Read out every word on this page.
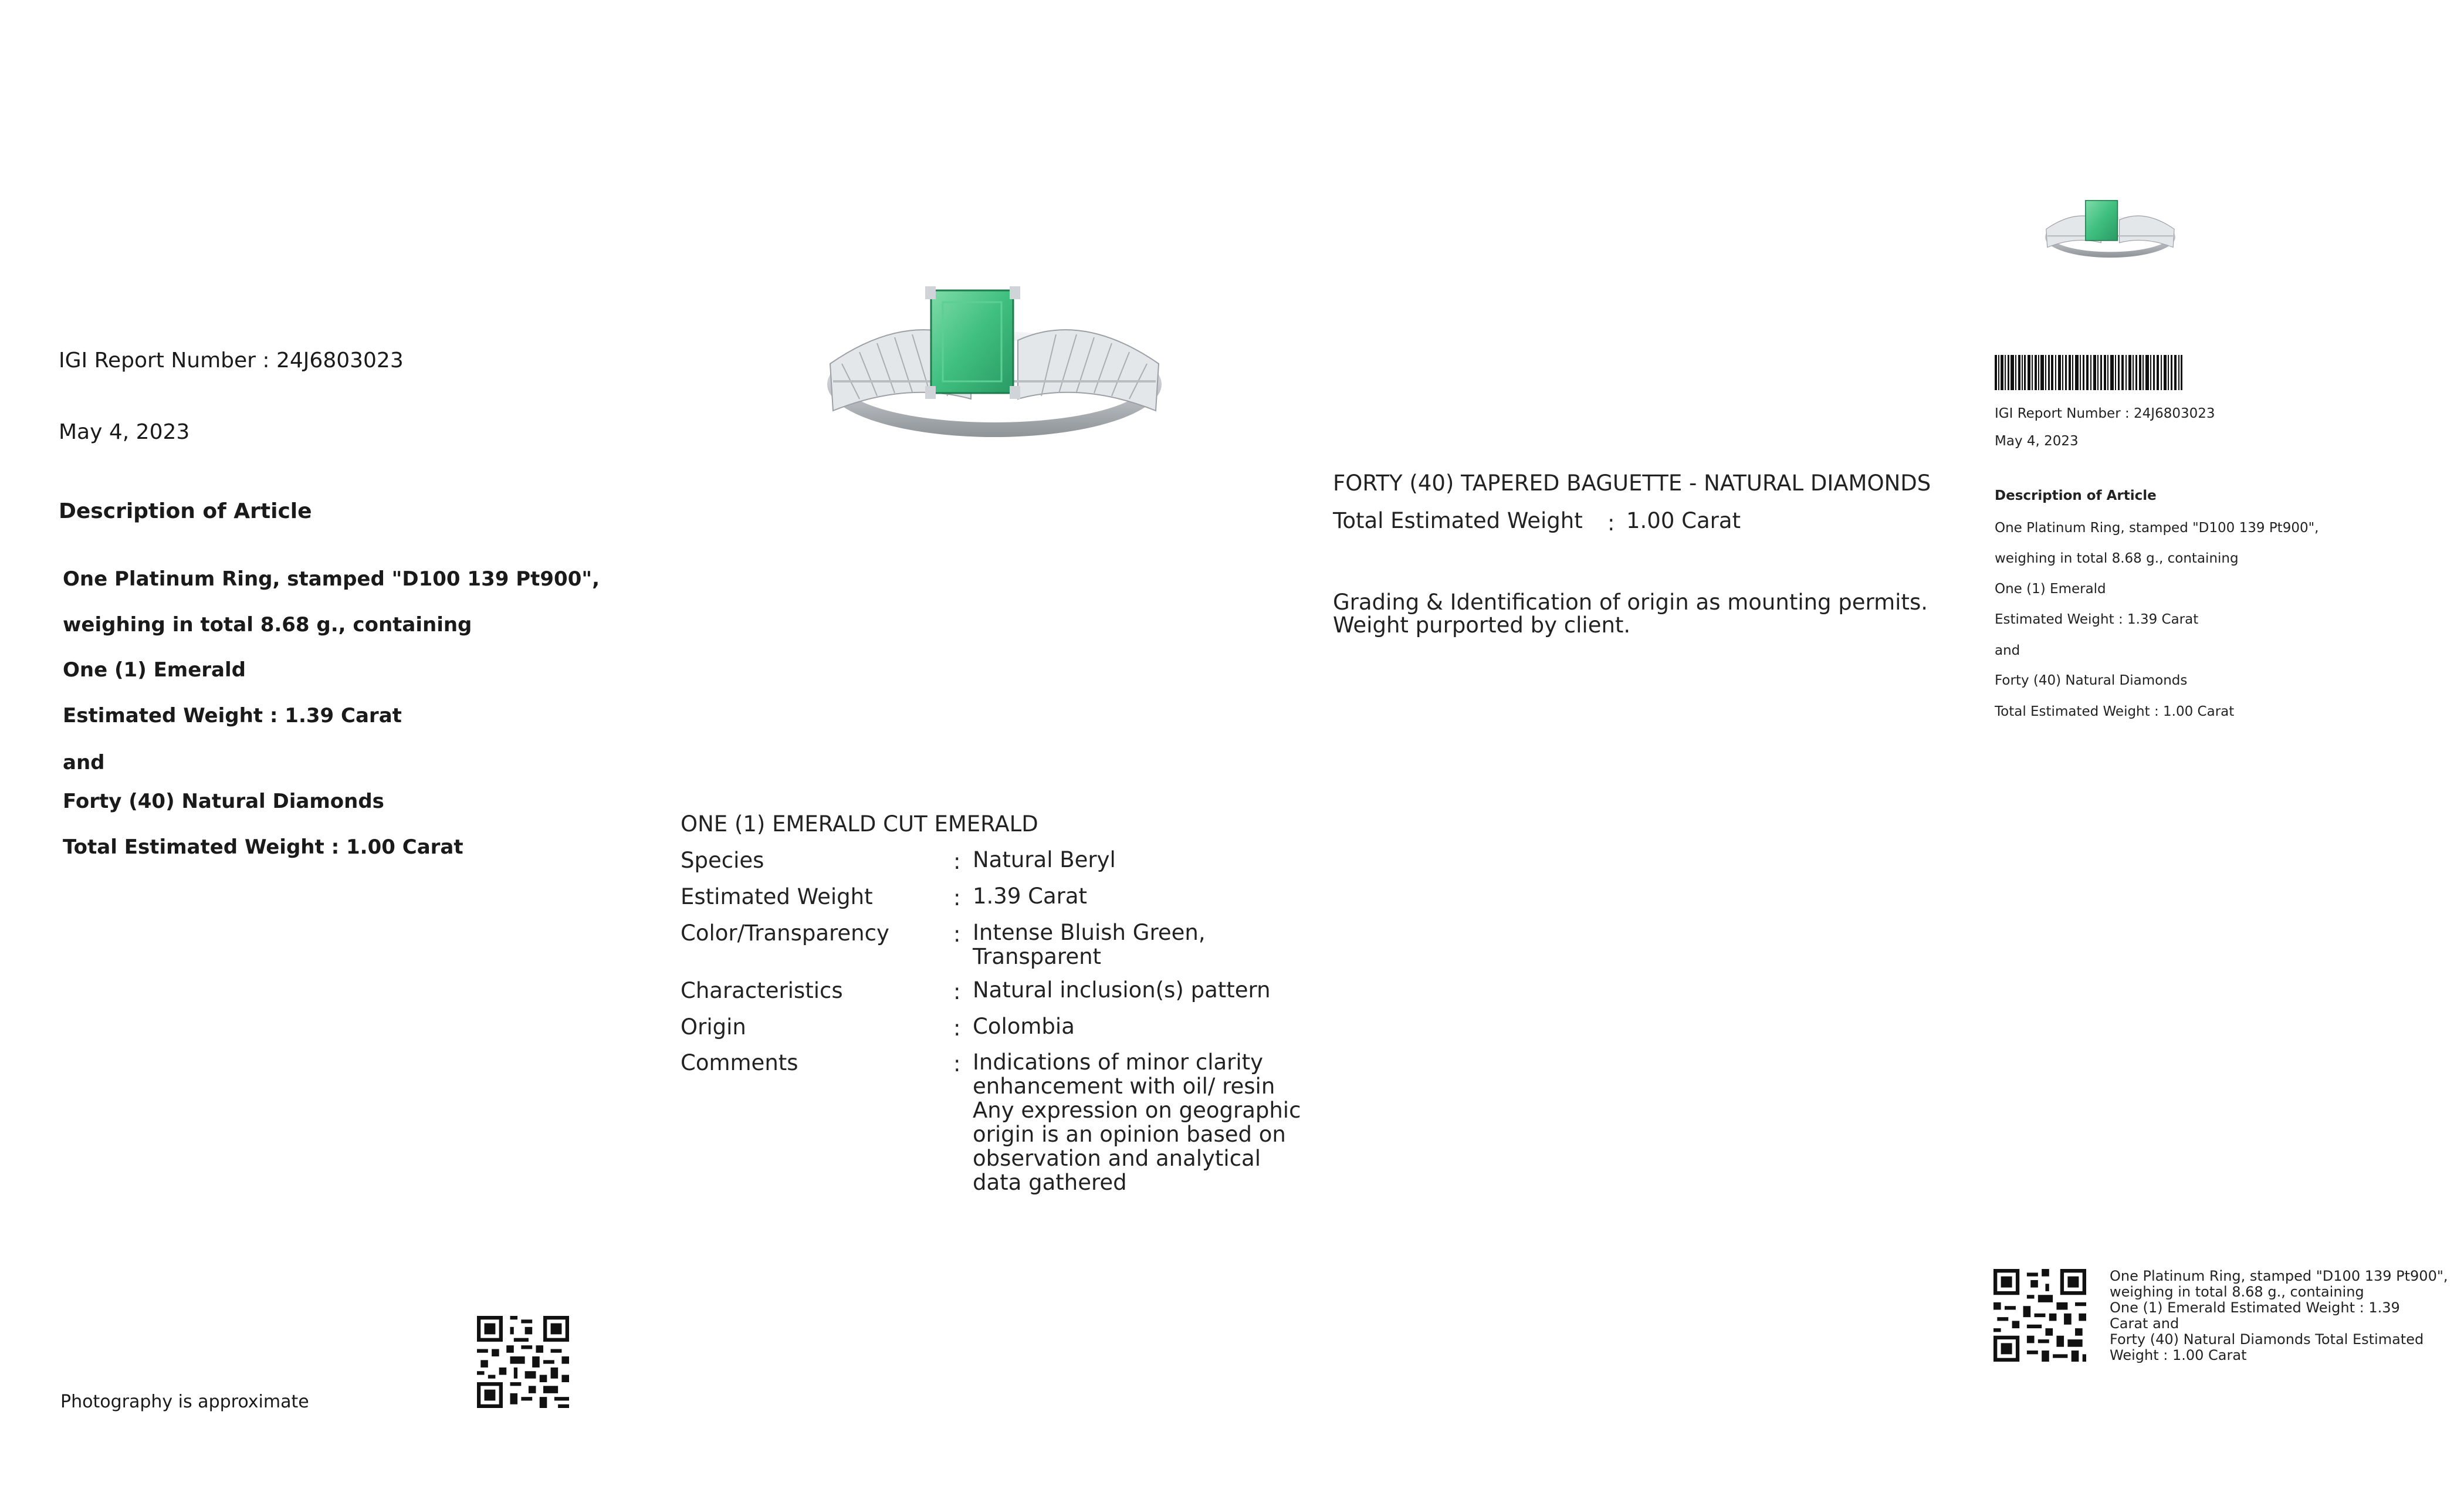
IGI Report Number : 24J6803023
May 4, 2023
Description of Article
One Platinum Ring, stamped "D100 139 Pt900",
weighing in total 8.68 g., containing
One (1) Emerald
Estimated Weight : 1.39 Carat
and
Forty (40) Natural Diamonds
Total Estimated Weight : 1.00 Carat
Photography is approximate
ONE (1) EMERALD CUT EMERALD
Species	: Natural Beryl
Estimated Weight	: 1.39 Carat
Color/Transparency	: Intense Bluish Green, Transparent
Characteristics	: Natural inclusion(s) pattern
Origin	: Colombia
Comments	: Indications of minor clarity enhancement with oil/ resin Any expression on geographic origin is an opinion based on observation and analytical data gathered
FORTY (40) TAPERED BAGUETTE - NATURAL DIAMONDS
Total Estimated Weight : 1.00 Carat
Grading & Identification of origin as mounting permits.
Weight purported by client.
IGI Report Number : 24J6803023
May 4, 2023
Description of Article
One Platinum Ring, stamped "D100 139 Pt900",
weighing in total 8.68 g., containing
One (1) Emerald
Estimated Weight : 1.39 Carat
and
Forty (40) Natural Diamonds
Total Estimated Weight : 1.00 Carat
One Platinum Ring, stamped "D100 139 Pt900",
weighing in total 8.68 g., containing
One (1) Emerald Estimated Weight : 1.39
Carat and
Forty (40) Natural Diamonds Total Estimated
Weight : 1.00 Carat
